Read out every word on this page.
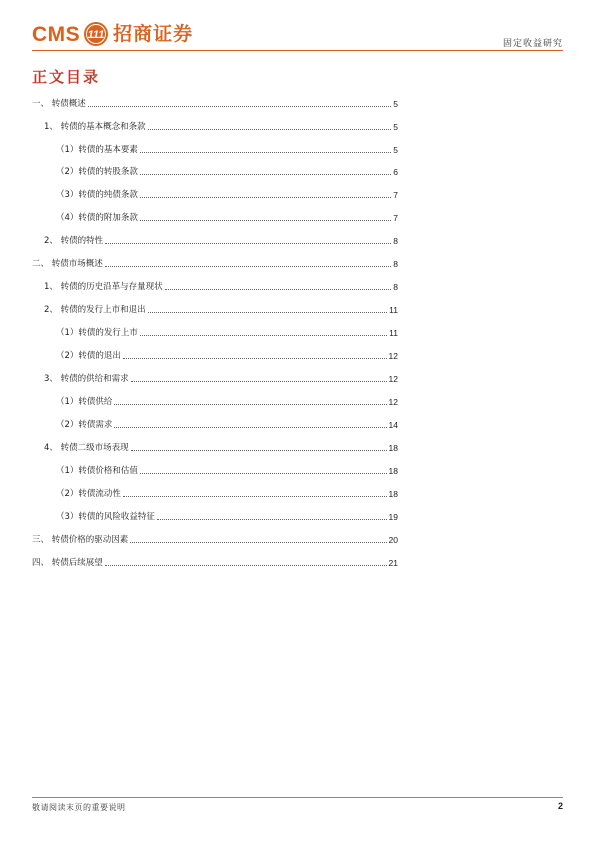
CMS 111 招商证券	固定收益研究
正文目录
一、 转债概述	5
1、 转债的基本概念和条款	5
（1）转债的基本要素	5
（2）转债的转股条款	6
（3）转债的纯债条款	7
（4）转债的附加条款	7
2、 转债的特性	8
二、 转债市场概述	8
1、 转债的历史沿革与存量现状	8
2、 转债的发行上市和退出	11
（1）转债的发行上市	11
（2）转债的退出	12
3、 转债的供给和需求	12
（1）转债供给	12
（2）转债需求	14
4、 转债二级市场表现	18
（1）转债价格和估值	18
（2）转债流动性	18
（3）转债的风险收益特征	19
三、 转债价格的驱动因素	20
四、 转债后续展望	21
敬请阅读末页的重要说明	2
